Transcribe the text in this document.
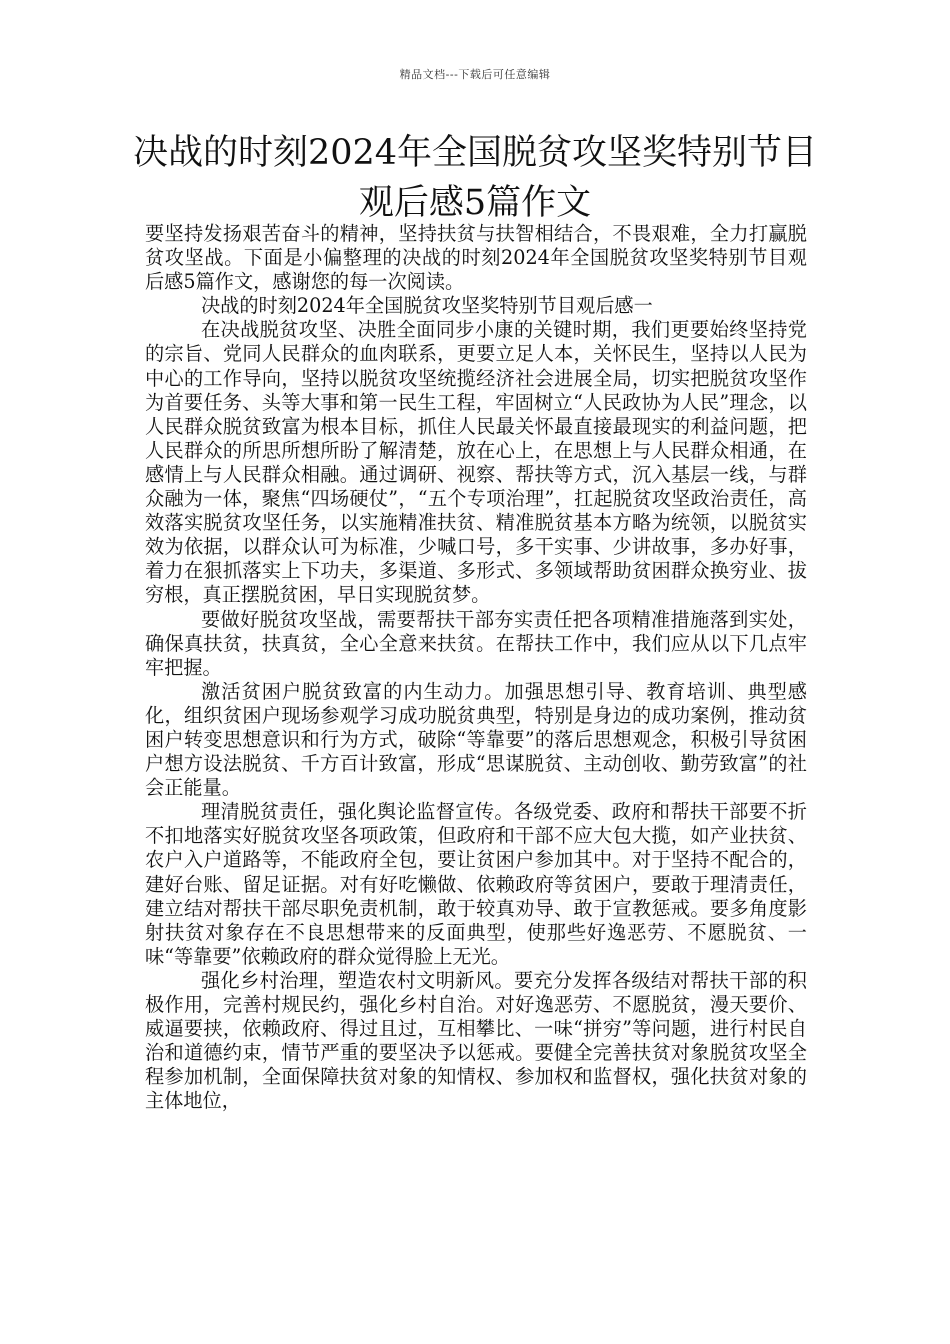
精品文档---下载后可任意编辑
决战的时刻2024年全国脱贫攻坚奖特别节目观后感5篇作文

要坚持发扬艰苦奋斗的精神，坚持扶贫与扶智相结合，不畏艰难，全力打赢脱贫攻坚战。下面是小偏整理的决战的时刻2024年全国脱贫攻坚奖特别节目观后感5篇作文，感谢您的每一次阅读。

决战的时刻2024年全国脱贫攻坚奖特别节目观后感一

在决战脱贫攻坚、决胜全面同步小康的关键时期，我们更要始终坚持党的宗旨、党同人民群众的血肉联系，更要立足人本，关怀民生，坚持以人民为中心的工作导向，坚持以脱贫攻坚统揽经济社会进展全局，切实把脱贫攻坚作为首要任务、头等大事和第一民生工程，牢固树立“人民政协为人民”理念，以人民群众脱贫致富为根本目标，抓住人民最关怀最直接最现实的利益问题，把人民群众的所思所想所盼了解清楚，放在心上，在思想上与人民群众相通，在感情上与人民群众相融。通过调研、视察、帮扶等方式，沉入基层一线，与群众融为一体，聚焦“四场硬仗”，“五个专项治理”，扛起脱贫攻坚政治责任，高效落实脱贫攻坚任务，以实施精准扶贫、精准脱贫基本方略为统领，以脱贫实效为依据，以群众认可为标准，少喊口号，多干实事、少讲故事，多办好事，着力在狠抓落实上下功夫，多渠道、多形式、多领域帮助贫困群众换穷业、拔穷根，真正摆脱贫困，早日实现脱贫梦。

要做好脱贫攻坚战，需要帮扶干部夯实责任把各项精准措施落到实处，确保真扶贫，扶真贫，全心全意来扶贫。在帮扶工作中，我们应从以下几点牢牢把握。

激活贫困户脱贫致富的内生动力。加强思想引导、教育培训、典型感化，组织贫困户现场参观学习成功脱贫典型，特别是身边的成功案例，推动贫困户转变思想意识和行为方式，破除“等靠要”的落后思想观念，积极引导贫困户想方设法脱贫、千方百计致富，形成“思谋脱贫、主动创收、勤劳致富”的社会正能量。

理清脱贫责任，强化舆论监督宣传。各级党委、政府和帮扶干部要不折不扣地落实好脱贫攻坚各项政策，但政府和干部不应大包大揽，如产业扶贫、农户入户道路等，不能政府全包，要让贫困户参加其中。对于坚持不配合的，建好台账、留足证据。对有好吃懒做、依赖政府等贫困户，要敢于理清责任，建立结对帮扶干部尽职免责机制，敢于较真劝导、敢于宣教惩戒。要多角度影射扶贫对象存在不良思想带来的反面典型，使那些好逸恶劳、不愿脱贫、一味“等靠要”依赖政府的群众觉得脸上无光。

强化乡村治理，塑造农村文明新风。要充分发挥各级结对帮扶干部的积极作用，完善村规民约，强化乡村自治。对好逸恶劳、不愿脱贫，漫天要价、威逼要挟，依赖政府、得过且过，互相攀比、一味“拼穷”等问题，进行村民自治和道德约束，情节严重的要坚决予以惩戒。要健全完善扶贫对象脱贫攻坚全程参加机制，全面保障扶贫对象的知情权、参加权和监督权，强化扶贫对象的主体地位，
